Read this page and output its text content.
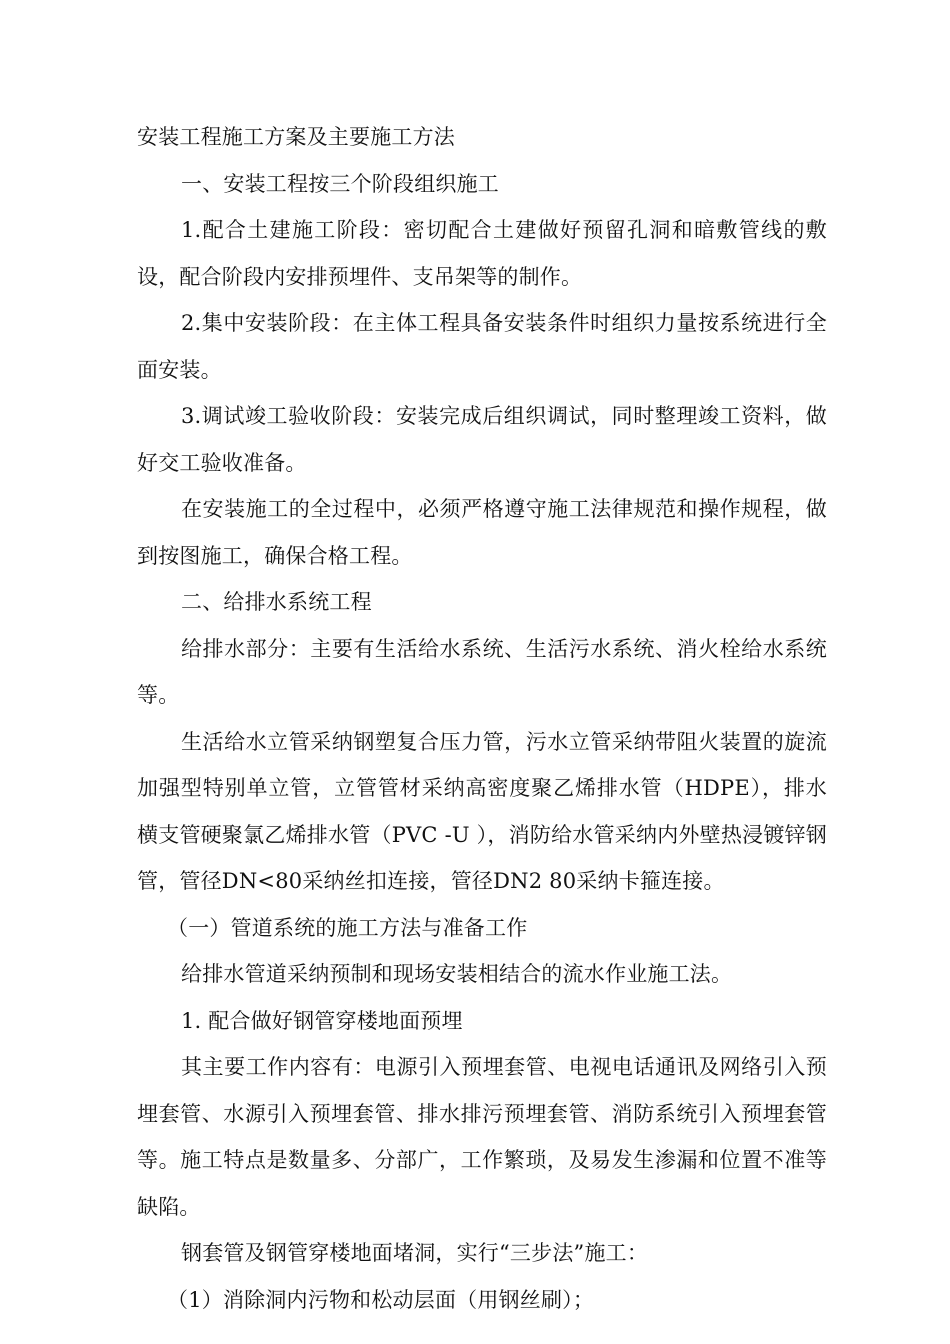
安装工程施工方案及主要施工方法

一、安装工程按三个阶段组织施工

1.配合土建施工阶段：密切配合土建做好预留孔洞和暗敷管线的敷设，配合阶段内安排预埋件、支吊架等的制作。

2.集中安装阶段：在主体工程具备安装条件时组织力量按系统进行全面安装。

3.调试竣工验收阶段：安装完成后组织调试，同时整理竣工资料，做好交工验收准备。

在安装施工的全过程中，必须严格遵守施工法律规范和操作规程，做到按图施工，确保合格工程。

二、给排水系统工程

给排水部分：主要有生活给水系统、生活污水系统、消火栓给水系统等。

生活给水立管采纳钢塑复合压力管，污水立管采纳带阻火装置的旋流加强型特别单立管，立管管材采纳高密度聚乙烯排水管（HDPE），排水横支管硬聚氯乙烯排水管（PVC -U ），消防给水管采纳内外壁热浸镀锌钢管，管径DN<80采纳丝扣连接，管径DN2 80采纳卡箍连接。

（一）管道系统的施工方法与准备工作

给排水管道采纳预制和现场安装相结合的流水作业施工法。

1. 配合做好钢管穿楼地面预埋

其主要工作内容有：电源引入预埋套管、电视电话通讯及网络引入预埋套管、水源引入预埋套管、排水排污预埋套管、消防系统引入预埋套管等。施工特点是数量多、分部广，工作繁琐，及易发生渗漏和位置不准等缺陷。

钢套管及钢管穿楼地面堵洞，实行“三步法”施工：

（1）消除洞内污物和松动层面（用钢丝刷）；
